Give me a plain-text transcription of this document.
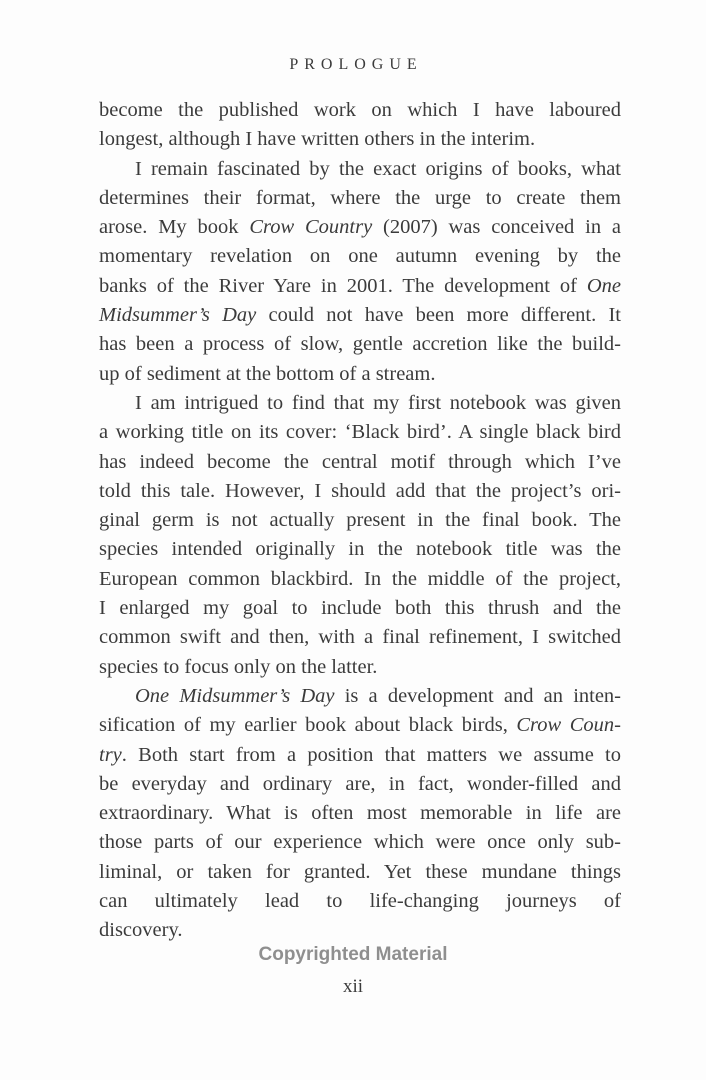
PROLOGUE
become the published work on which I have laboured
longest, although I have written others in the interim.
I remain fascinated by the exact origins of books, what
determines their format, where the urge to create them
arose. My book Crow Country (2007) was conceived in a
momentary revelation on one autumn evening by the
banks of the River Yare in 2001. The development of One
Midsummer’s Day could not have been more different. It
has been a process of slow, gentle accretion like the build-
up of sediment at the bottom of a stream.
I am intrigued to find that my first notebook was given
a working title on its cover: ‘Black bird’. A single black bird
has indeed become the central motif through which I’ve
told this tale. However, I should add that the project’s ori-
ginal germ is not actually present in the final book. The
species intended originally in the notebook title was the
European common blackbird. In the middle of the project,
I enlarged my goal to include both this thrush and the
common swift and then, with a final refinement, I switched
species to focus only on the latter.
One Midsummer’s Day is a development and an inten-
sification of my earlier book about black birds, Crow Coun-
try. Both start from a position that matters we assume to
be everyday and ordinary are, in fact, wonder-filled and
extraordinary. What is often most memorable in life are
those parts of our experience which were once only sub-
liminal, or taken for granted. Yet these mundane things
can ultimately lead to life-changing journeys of
discovery.
Copyrighted Material
xii
